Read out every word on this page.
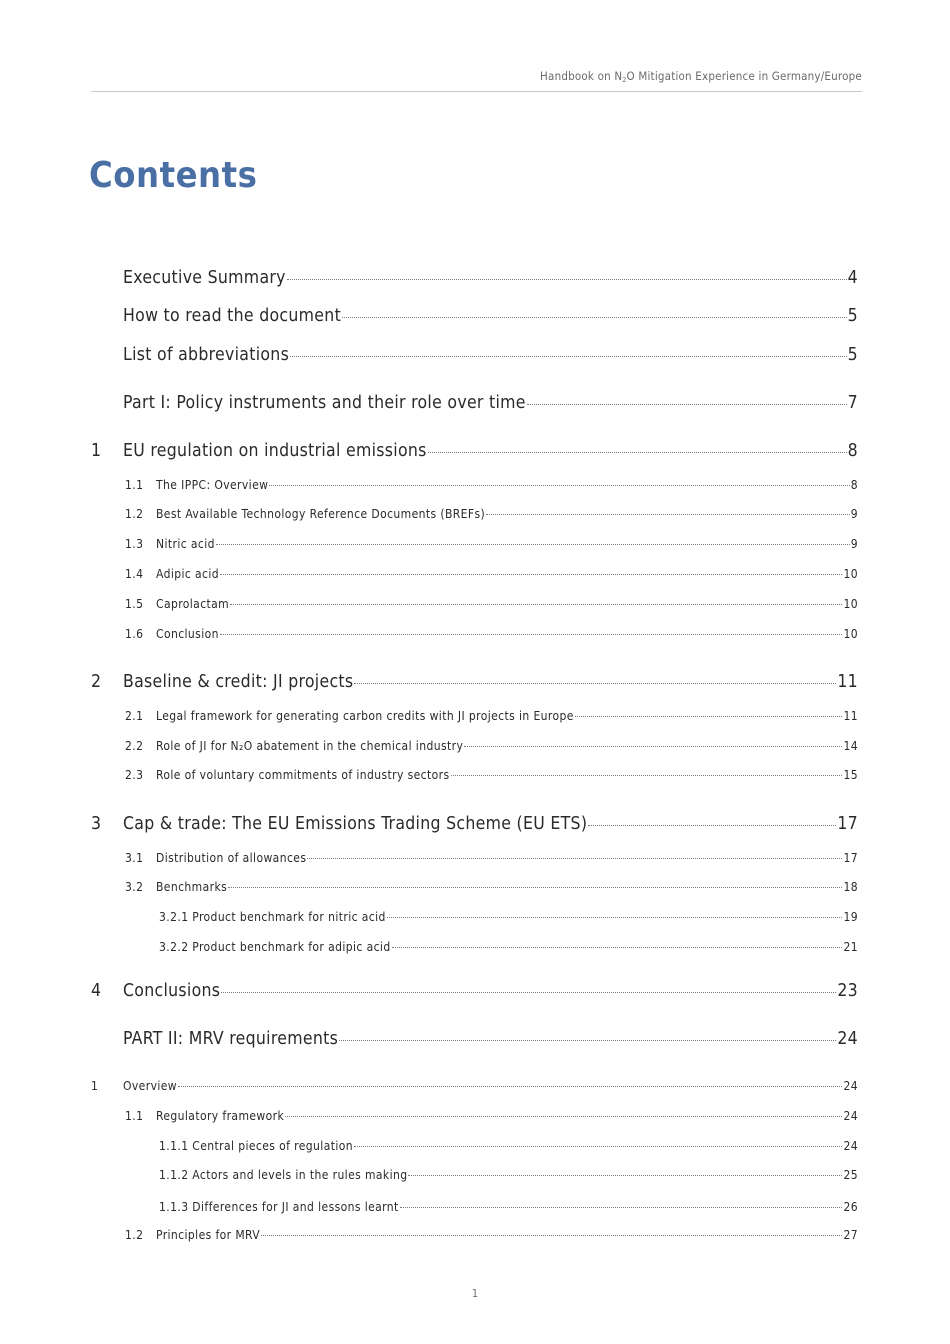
Handbook on $N_2O$ Mitigation Experience in Germany/Europe
Contents
Executive Summary	4
How to read the document	5
List of abbreviations	5
Part I: Policy instruments and their role over time	7
1	EU regulation on industrial emissions	8
1.1	The IPPC: Overview	8
1.2	Best Available Technology Reference Documents (BREFs)	9
1.3	Nitric acid	9
1.4	Adipic acid	10
1.5	Caprolactam	10
1.6	Conclusion	10
2	Baseline & credit: JI projects	11
2.1	Legal framework for generating carbon credits with JI projects in Europe	11
2.2	Role of JI for N₂O abatement in the chemical industry	14
2.3	Role of voluntary commitments of industry sectors	15
3	Cap & trade: The EU Emissions Trading Scheme (EU ETS)	17
3.1	Distribution of allowances	17
3.2	Benchmarks	18
3.2.1 Product benchmark for nitric acid	19
3.2.2 Product benchmark for adipic acid	21
4	Conclusions	23
PART II: MRV requirements	24
1	Overview	24
1.1	Regulatory framework	24
1.1.1 Central pieces of regulation	24
1.1.2 Actors and levels in the rules making	25
1.1.3 Differences for JI and lessons learnt	26
1.2	Principles for MRV	27
1
